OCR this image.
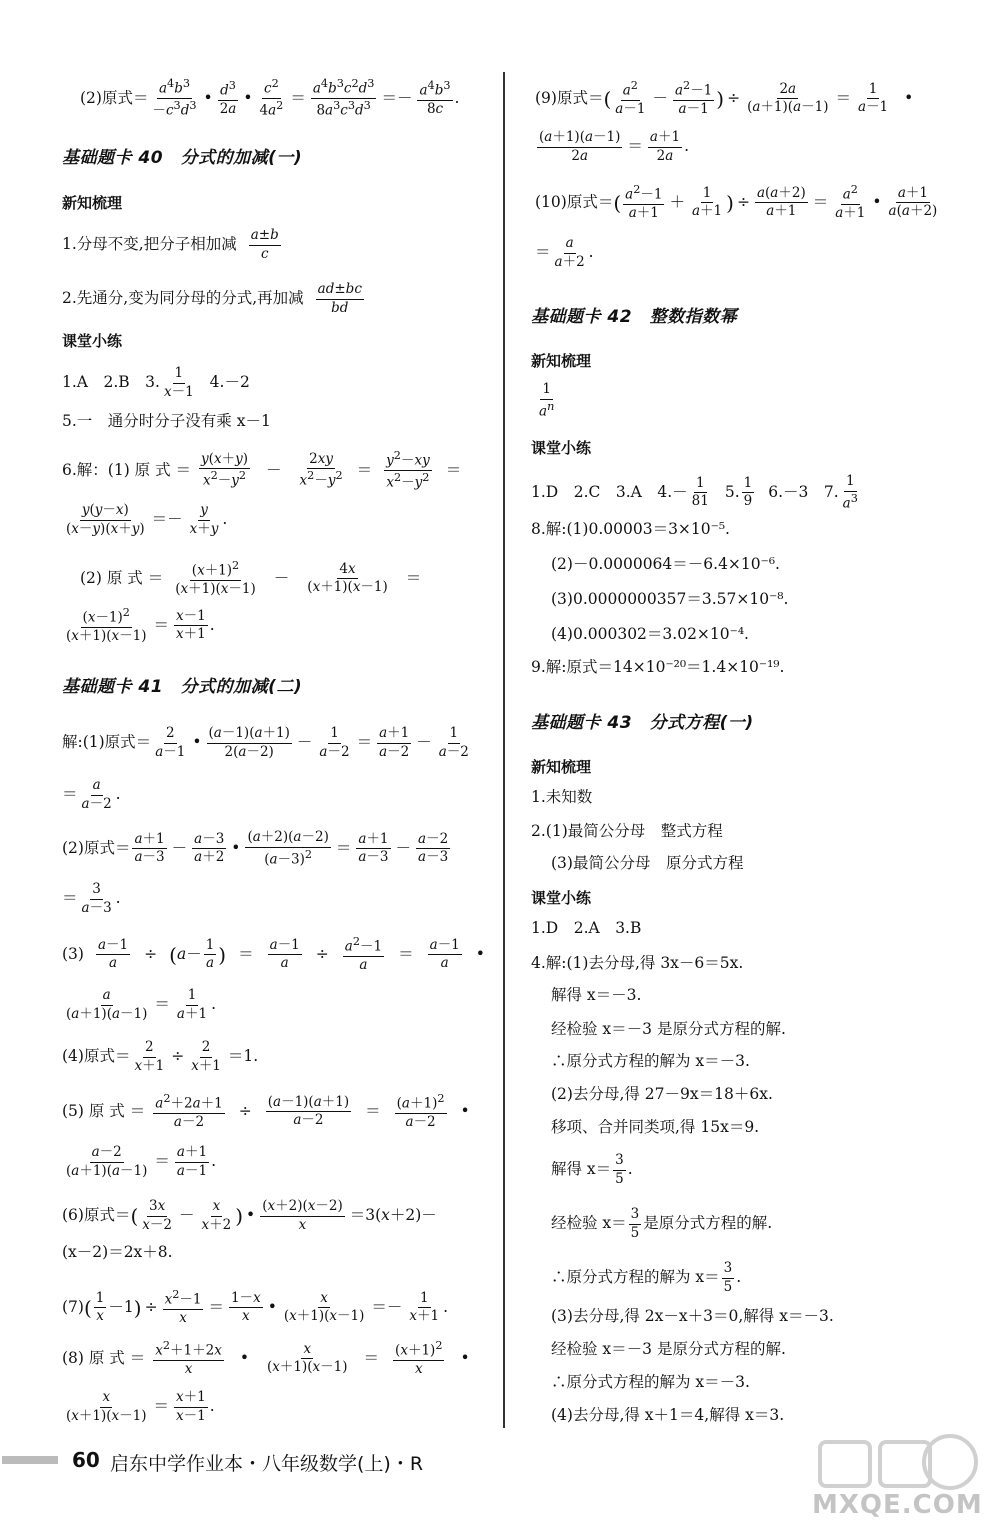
(2)原式＝
$a^4b^3$
$-c^3d^3$ • $d^3$
2a
•
$c^2$
$4a^2$ ＝
$a^4b^3c^2d^3$
$8a^3c^3d^3 =- a^4b^3$
8c
.
基础题卡 40　分式的加减(一)
新知梳理
1.分母不变,把分子相加减
a±b
c
2.先通分,变为同分母的分式,再加减
ad±bc
bd
课堂小练
1.A　2.B　3.
1
x－1
4.－2
5.一　通分时分子没有乘 x－1
6.解：(1) 原 式 ＝
y(x＋y)
$x^2-y^2$ －
2xy
$x^2-y^2$ ＝
$y^2-xy$
$x^2-y^2$ ＝
y(y－x)
(x－y)(x＋y)
＝－
y
x＋y
.
(2) 原 式 ＝ $(x+1)^2$
(x＋1)(x－1)
－
4x
(x＋1)(x－1)
＝
$(x-1)^2$
(x＋1)(x－1)
＝
x－1
x＋1
.
基础题卡 41　分式的加减(二)
解:(1)原式＝
2
a－1
•
(a－1)(a＋1)
2(a－2)
－
1
a－2
＝
a＋1
a－2
－
1
a－2
＝
a
a－2
.
(2)原式＝
a＋1
a－3
－
a－3
a＋2
•
(a＋2)(a－2)
$(a-3)^2$ ＝
a＋1
a－3
－
a－2
a－3
＝
3
a－3
.
$(3) \frac{a-1}{a}$ ÷ ( a －
1
a ) ＝ $\frac{a-1}{a} \div \frac{a^2-1}{a}$ ＝
a－1
a
•
a
(a＋1)(a－1)
＝
1
a＋1
.
(4)原式＝ $\frac{2}{x+1} \div \frac{2}{x+1} =1$.
(5) 原 式 ＝ $\frac{a^2+2a+1}{a-2} \div \frac{(a-1)(a+1)}{a-2} = (a+1)^2$
a－2
•
a－2
(a＋1)(a－1)
＝
a＋1
a－1
.
(6)原式＝ ( 3x
x－2
－
x
x＋2 ) •
(x＋2)(x－2)
x
＝3(x＋2)－
(x－2)＝2x＋8.
(7) ( 1
x
－1 ) ÷ $\frac{x^2-1}{x}$ ＝
1－x
x
•
x
(x＋1)(x－1)
＝－
1
x＋1
.
(8) 原 式 ＝ $x^2+1+2x$
x
•
x
(x＋1)(x－1)
＝ $(x+1)^2$
x
•
x
(x＋1)(x－1)
＝
x＋1
x－1
.
(9)原式＝ ( $a^2$
a－1
－ $a^2-1$
a－1 ) ÷ $\frac{2a}{(a+1)(a-1)}$ ＝
1
a－1
•
(a＋1)(a－1)
2a
＝
a＋1
2a
.
(10)原式＝ ( $a^2-1$
a＋1
＋
1
a＋1 ) ÷ $\frac{a(a+2)}{a+1} = a^2$
a＋1
•
a＋1
a(a＋2)
＝
a
a＋2
.
基础题卡 42　整数指数幂
新知梳理
1
$a^n$
课堂小练
1.D　2.C　3.A　4.－
1
81
5.
1
9
6.－3　7.
1
$a^3$
8.解:(1)0.00003＝3×10⁻⁵.
(2)－0.0000064＝－6.4×10⁻⁶.
(3)0.0000000357＝3.57×10⁻⁸.
(4)0.000302＝3.02×10⁻⁴.
9.解:原式＝14×10⁻²⁰＝1.4×10⁻¹⁹.
基础题卡 43　分式方程(一)
新知梳理
1.未知数
2.(1)最简公分母　整式方程
(3)最简公分母　原分式方程
课堂小练
1.D　2.A　3.B
4.解:(1)去分母,得 3x－6＝5x.
解得 x＝－3.
经检验 x＝－3 是原分式方程的解.
∴原分式方程的解为 x＝－3.
(2)去分母,得 27－9x＝18＋6x.
移项、合并同类项,得 15x＝9.
解得 x＝
3
5
.
经检验 x＝
3
5
是原分式方程的解.
∴原分式方程的解为 x＝
3
5
.
(3)去分母,得 2x－x＋3＝0,解得 x＝－3.
经检验 x＝－3 是原分式方程的解.
∴原分式方程的解为 x＝－3.
(4)去分母,得 x＋1＝4,解得 x＝3.
60 启东中学作业本・八年级数学(上)・R
MXQE.COM
